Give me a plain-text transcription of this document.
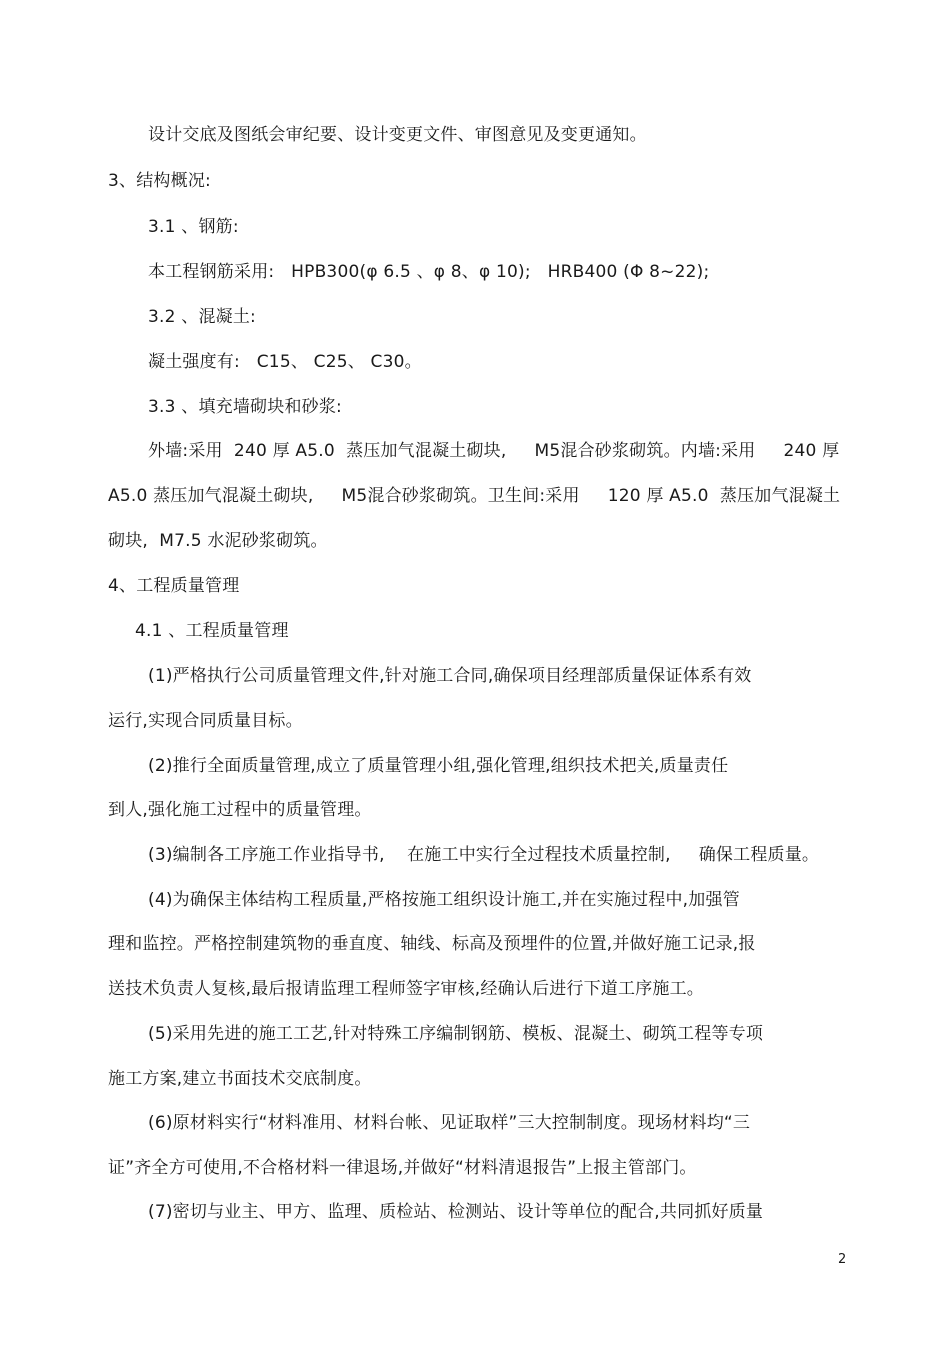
设计交底及图纸会审纪要、设计变更文件、审图意见及变更通知。
3、结构概况:
3.1 、钢筋:
本工程钢筋采用:   HPB300(φ 6.5 、φ 8、φ 10);   HRB400 (Φ 8~22);
3.2 、混凝土:
凝土强度有:   C15、 C25、 C30。
3.3 、填充墙砌块和砂浆:
外墙:采用  240 厚 A5.0  蒸压加气混凝土砌块,     M5混合砂浆砌筑。内墙:采用     240 厚
A5.0 蒸压加气混凝土砌块,     M5混合砂浆砌筑。卫生间:采用     120 厚 A5.0  蒸压加气混凝土
砌块,  M7.5 水泥砂浆砌筑。
4、工程质量管理
4.1 、工程质量管理
(1)严格执行公司质量管理文件,针对施工合同,确保项目经理部质量保证体系有效
运行,实现合同质量目标。
(2)推行全面质量管理,成立了质量管理小组,强化管理,组织技术把关,质量责任
到人,强化施工过程中的质量管理。
(3)编制各工序施工作业指导书,    在施工中实行全过程技术质量控制,     确保工程质量。
(4)为确保主体结构工程质量,严格按施工组织设计施工,并在实施过程中,加强管
理和监控。严格控制建筑物的垂直度、轴线、标高及预埋件的位置,并做好施工记录,报
送技术负责人复核,最后报请监理工程师签字审核,经确认后进行下道工序施工。
(5)采用先进的施工工艺,针对特殊工序编制钢筋、模板、混凝土、砌筑工程等专项
施工方案,建立书面技术交底制度。
(6)原材料实行“材料准用、材料台帐、见证取样”三大控制制度。现场材料均“三
证”齐全方可使用,不合格材料一律退场,并做好“材料清退报告”上报主管部门。
(7)密切与业主、甲方、监理、质检站、检测站、设计等单位的配合,共同抓好质量
2
